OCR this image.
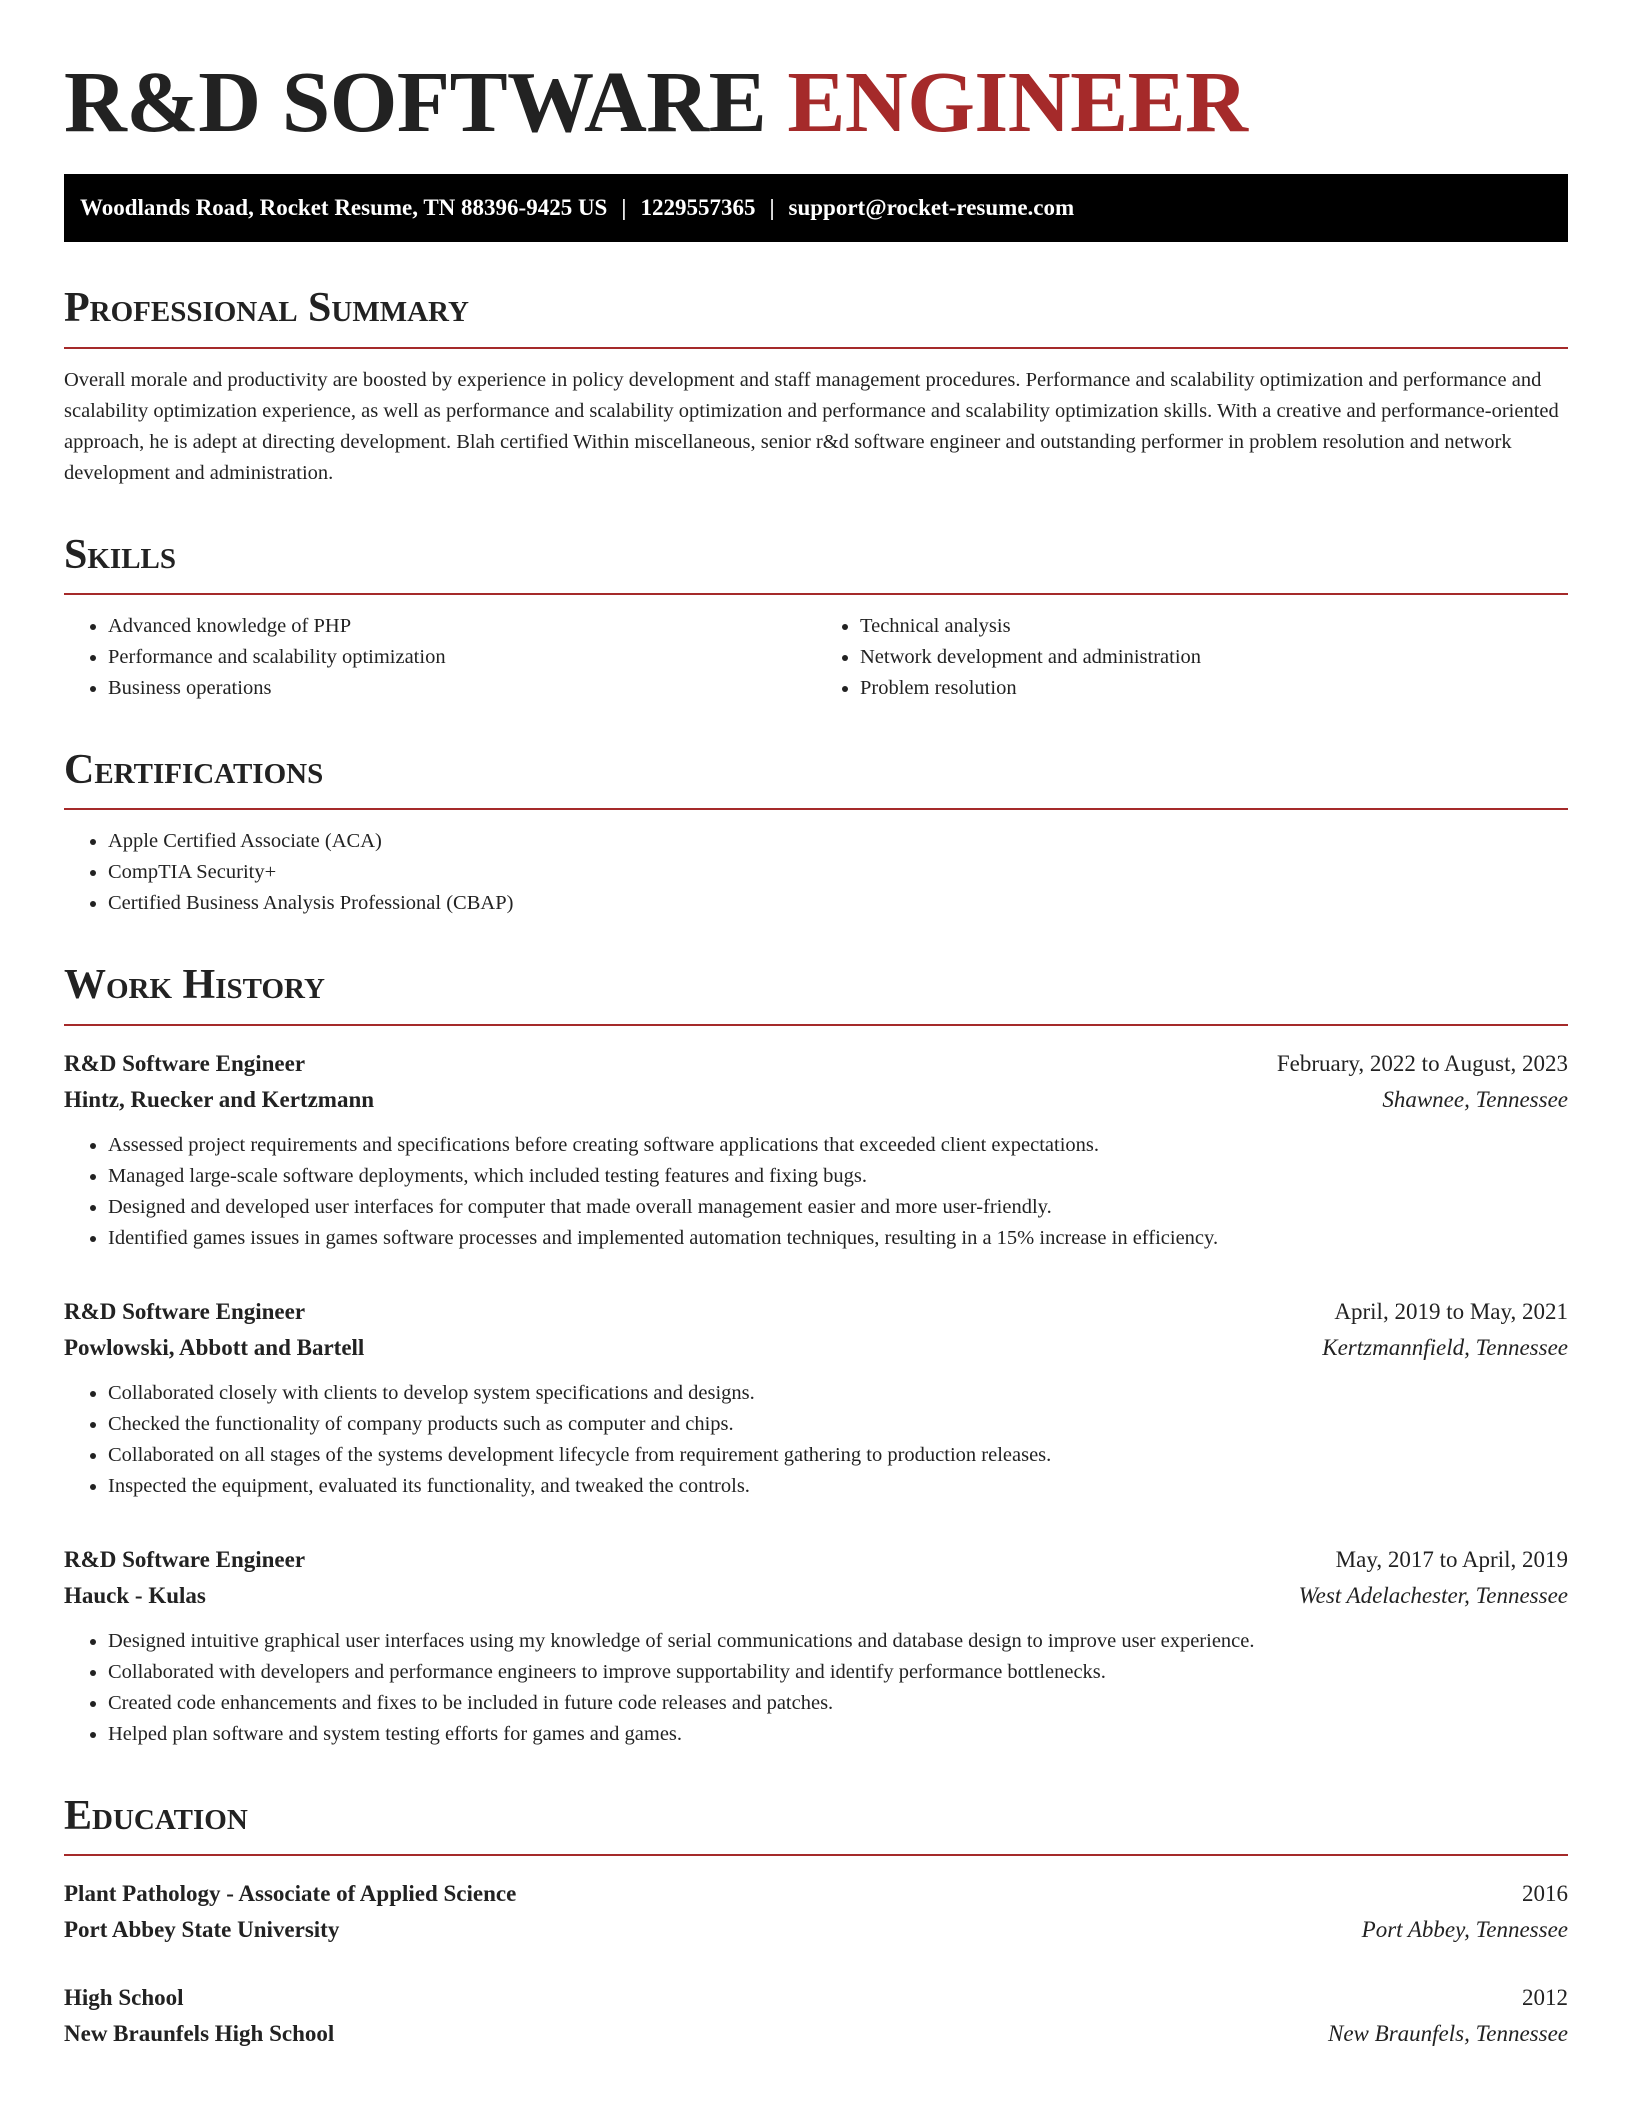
R&D SOFTWARE ENGINEER
Woodlands Road, Rocket Resume, TN 88396-9425 US | 1229557365 | support@rocket-resume.com
Professional Summary

Overall morale and productivity are boosted by experience in policy development and staff management procedures. Performance and scalability optimization and performance and scalability optimization experience, as well as performance and scalability optimization and performance and scalability optimization skills. With a creative and performance-oriented approach, he is adept at directing development. Blah certified Within miscellaneous, senior r&d software engineer and outstanding performer in problem resolution and network development and administration.

Skills
• Advanced knowledge of PHP
• Performance and scalability optimization
• Business operations
• Technical analysis
• Network development and administration
• Problem resolution
Certifications
• Apple Certified Associate (ACA)
• CompTIA Security+
• Certified Business Analysis Professional (CBAP)
Work History
R&D Software Engineer	February, 2022 to August, 2023
Hintz, Ruecker and Kertzmann	Shawnee, Tennessee
• Assessed project requirements and specifications before creating software applications that exceeded client expectations.
• Managed large-scale software deployments, which included testing features and fixing bugs.
• Designed and developed user interfaces for computer that made overall management easier and more user-friendly.
• Identified games issues in games software processes and implemented automation techniques, resulting in a 15% increase in efficiency.
R&D Software Engineer	April, 2019 to May, 2021
Powlowski, Abbott and Bartell	Kertzmannfield, Tennessee
• Collaborated closely with clients to develop system specifications and designs.
• Checked the functionality of company products such as computer and chips.
• Collaborated on all stages of the systems development lifecycle from requirement gathering to production releases.
• Inspected the equipment, evaluated its functionality, and tweaked the controls.
R&D Software Engineer	May, 2017 to April, 2019
Hauck - Kulas	West Adelachester, Tennessee
• Designed intuitive graphical user interfaces using my knowledge of serial communications and database design to improve user experience.
• Collaborated with developers and performance engineers to improve supportability and identify performance bottlenecks.
• Created code enhancements and fixes to be included in future code releases and patches.
• Helped plan software and system testing efforts for games and games.
Education
Plant Pathology - Associate of Applied Science	2016
Port Abbey State University	Port Abbey, Tennessee
High School	2012
New Braunfels High School	New Braunfels, Tennessee
